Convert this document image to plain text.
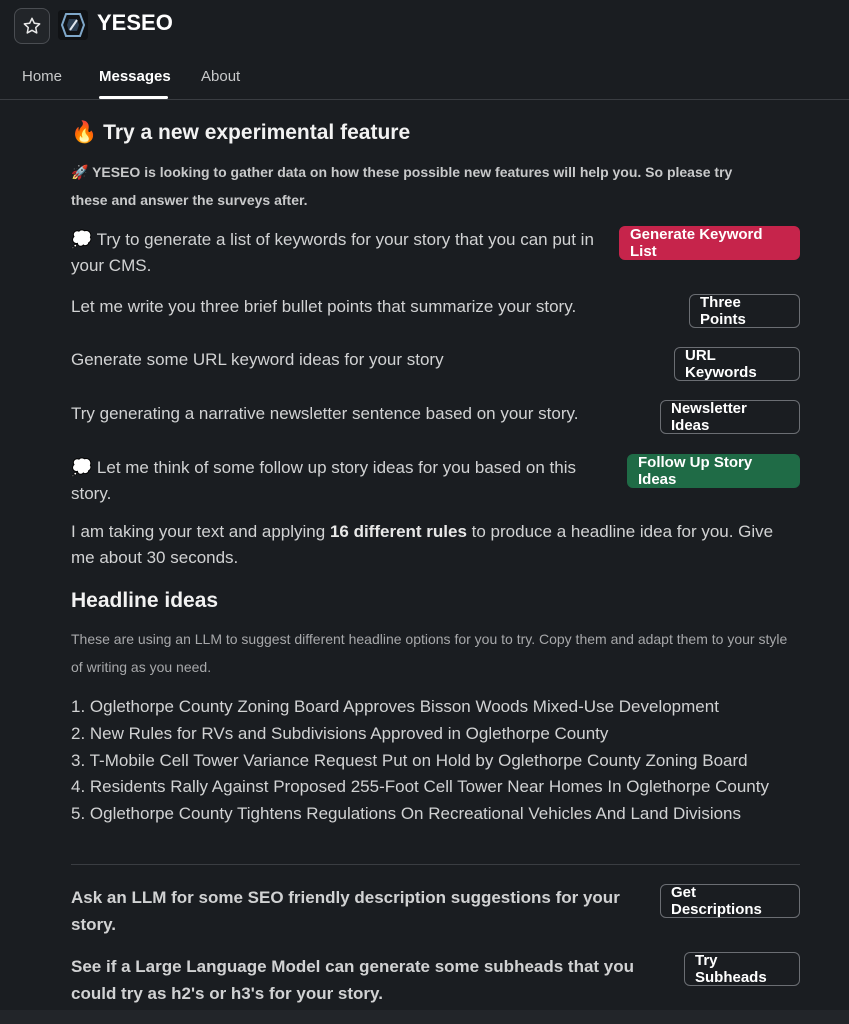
YESEO
Home Messages About
🔥 Try a new experimental feature
🚀 YESEO is looking to gather data on how these possible new features will help you. So please try these and answer the surveys after.
💭 Try to generate a list of keywords for your story that you can put in your CMS.
Generate Keyword List
Let me write you three brief bullet points that summarize your story.	Three Points
Generate some URL keyword ideas for your story	URL Keywords
Try generating a narrative newsletter sentence based on your story.	Newsletter Ideas
💭 Let me think of some follow up story ideas for you based on this story.
Follow Up Story Ideas
I am taking your text and applying 16 different rules to produce a headline idea for you. Give me about 30 seconds.
Headline ideas
These are using an LLM to suggest different headline options for you to try. Copy them and adapt them to your style of writing as you need.
1. Oglethorpe County Zoning Board Approves Bisson Woods Mixed-Use Development
2. New Rules for RVs and Subdivisions Approved in Oglethorpe County
3. T-Mobile Cell Tower Variance Request Put on Hold by Oglethorpe County Zoning Board
4. Residents Rally Against Proposed 255-Foot Cell Tower Near Homes In Oglethorpe County
5. Oglethorpe County Tightens Regulations On Recreational Vehicles And Land Divisions
Ask an LLM for some SEO friendly description suggestions for your story.
Get Descriptions
See if a Large Language Model can generate some subheads that you could try as h2's or h3's for your story.
Try Subheads
